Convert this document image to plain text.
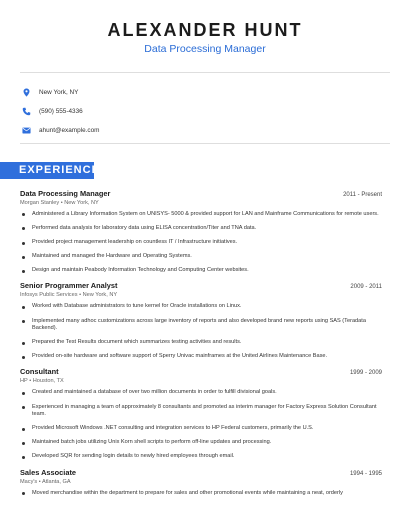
ALEXANDER HUNT
Data Processing Manager
New York, NY
(590) 555-4336
ahunt@example.com
EXPERIENCE
Data Processing Manager	2011 - Present
Morgan Stanley • New York, NY
Administered a Library Information System on UNISYS- 5000 & provided support for LAN and Mainframe Communications for remote users.
Performed data analysis for laboratory data using ELISA concentration/Titer and TNA data.
Provided project management leadership on countless IT / Infrastructure initiatives.
Maintained and managed the Hardware and Operating Systems.
Design and maintain Peabody Information Technology and Computing Center websites.
Senior Programmer Analyst	2009 - 2011
Infosys Public Services • New York, NY
Worked with Database administrators to tune kernel for Oracle installations on Linux.
Implemented many adhoc customizations across large inventory of reports and also developed brand new reports using SAS (Teradata Backend).
Prepared the Test Results document which summarizes testing activities and results.
Provided on-site hardware and software support of Sperry Univac mainframes at the United Airlines Maintenance Base.
Consultant	1999 - 2009
HP • Houston, TX
Created and maintained a database of over two million documents in order to fulfill divisional goals.
Experienced in managing a team of approximately 8 consultants and promoted as interim manager for Factory Express Solution Consultant team.
Provided Microsoft Windows .NET consulting and integration services to HP Federal customers, primarily the U.S.
Maintained batch jobs utilizing Unix Korn shell scripts to perform off-line updates and processing.
Developed SQR for sending login details to newly hired employees through email.
Sales Associate	1994 - 1995
Macy's • Atlanta, GA
Moved merchandise within the department to prepare for sales and other promotional events while maintaining a neat, orderly
